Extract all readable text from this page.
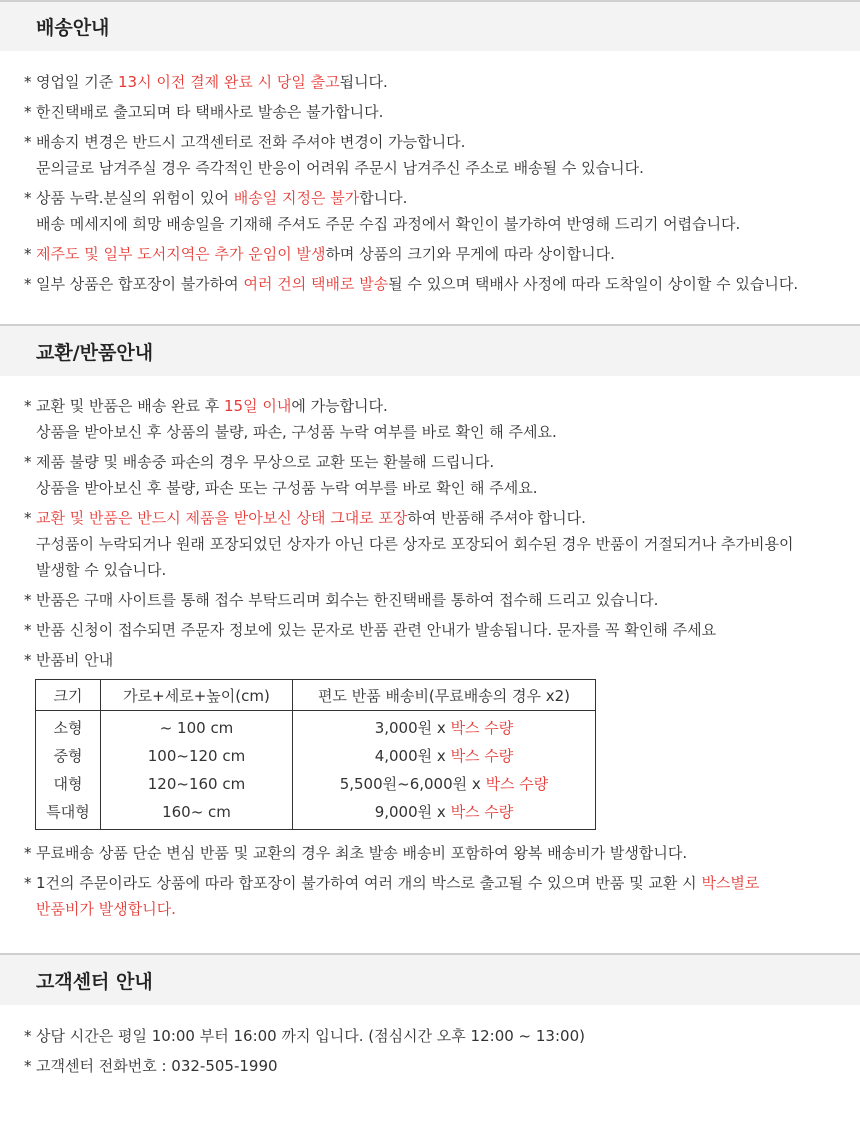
배송안내
* 영업일 기준 13시 이전 결제 완료 시 당일 출고됩니다.
* 한진택배로 출고되며 타 택배사로 발송은 불가합니다.
* 배송지 변경은 반드시 고객센터로 전화 주셔야 변경이 가능합니다.
문의글로 남겨주실 경우 즉각적인 반응이 어려워 주문시 남겨주신 주소로 배송될 수 있습니다.
* 상품 누락.분실의 위험이 있어 배송일 지정은 불가합니다.
배송 메세지에 희망 배송일을 기재해 주셔도 주문 수집 과정에서 확인이 불가하여 반영해 드리기 어렵습니다.
* 제주도 및 일부 도서지역은 추가 운임이 발생하며 상품의 크기와 무게에 따라 상이합니다.
* 일부 상품은 합포장이 불가하여 여러 건의 택배로 발송될 수 있으며 택배사 사정에 따라 도착일이 상이할 수 있습니다.
교환/반품안내
* 교환 및 반품은 배송 완료 후 15일 이내에 가능합니다.
상품을 받아보신 후 상품의 불량, 파손, 구성품 누락 여부를 바로 확인 해 주세요.
* 제품 불량 및 배송중 파손의 경우 무상으로 교환 또는 환불해 드립니다.
상품을 받아보신 후 불량, 파손 또는 구성품 누락 여부를 바로 확인 해 주세요.
* 교환 및 반품은 반드시 제품을 받아보신 상태 그대로 포장하여 반품해 주셔야 합니다.
구성품이 누락되거나 원래 포장되었던 상자가 아닌 다른 상자로 포장되어 회수된 경우 반품이 거절되거나 추가비용이
발생할 수 있습니다.
* 반품은 구매 사이트를 통해 접수 부탁드리며 회수는 한진택배를 통하여 접수해 드리고 있습니다.
* 반품 신청이 접수되면 주문자 정보에 있는 문자로 반품 관련 안내가 발송됩니다. 문자를 꼭 확인해 주세요
* 반품비 안내
크기	가로+세로+높이(cm)	편도 반품 배송비(무료배송의 경우 x2)
소형	~ 100 cm	3,000원 x 박스 수량
중형	100~120 cm	4,000원 x 박스 수량
대형	120~160 cm	5,500원~6,000원 x 박스 수량
특대형	160~ cm	9,000원 x 박스 수량
* 무료배송 상품 단순 변심 반품 및 교환의 경우 최초 발송 배송비 포함하여 왕복 배송비가 발생합니다.
* 1건의 주문이라도 상품에 따라 합포장이 불가하여 여러 개의 박스로 출고될 수 있으며 반품 및 교환 시 박스별로
반품비가 발생합니다.
고객센터 안내
* 상담 시간은 평일 10:00 부터 16:00 까지 입니다. (점심시간 오후 12:00 ~ 13:00)
* 고객센터 전화번호 : 032-505-1990
